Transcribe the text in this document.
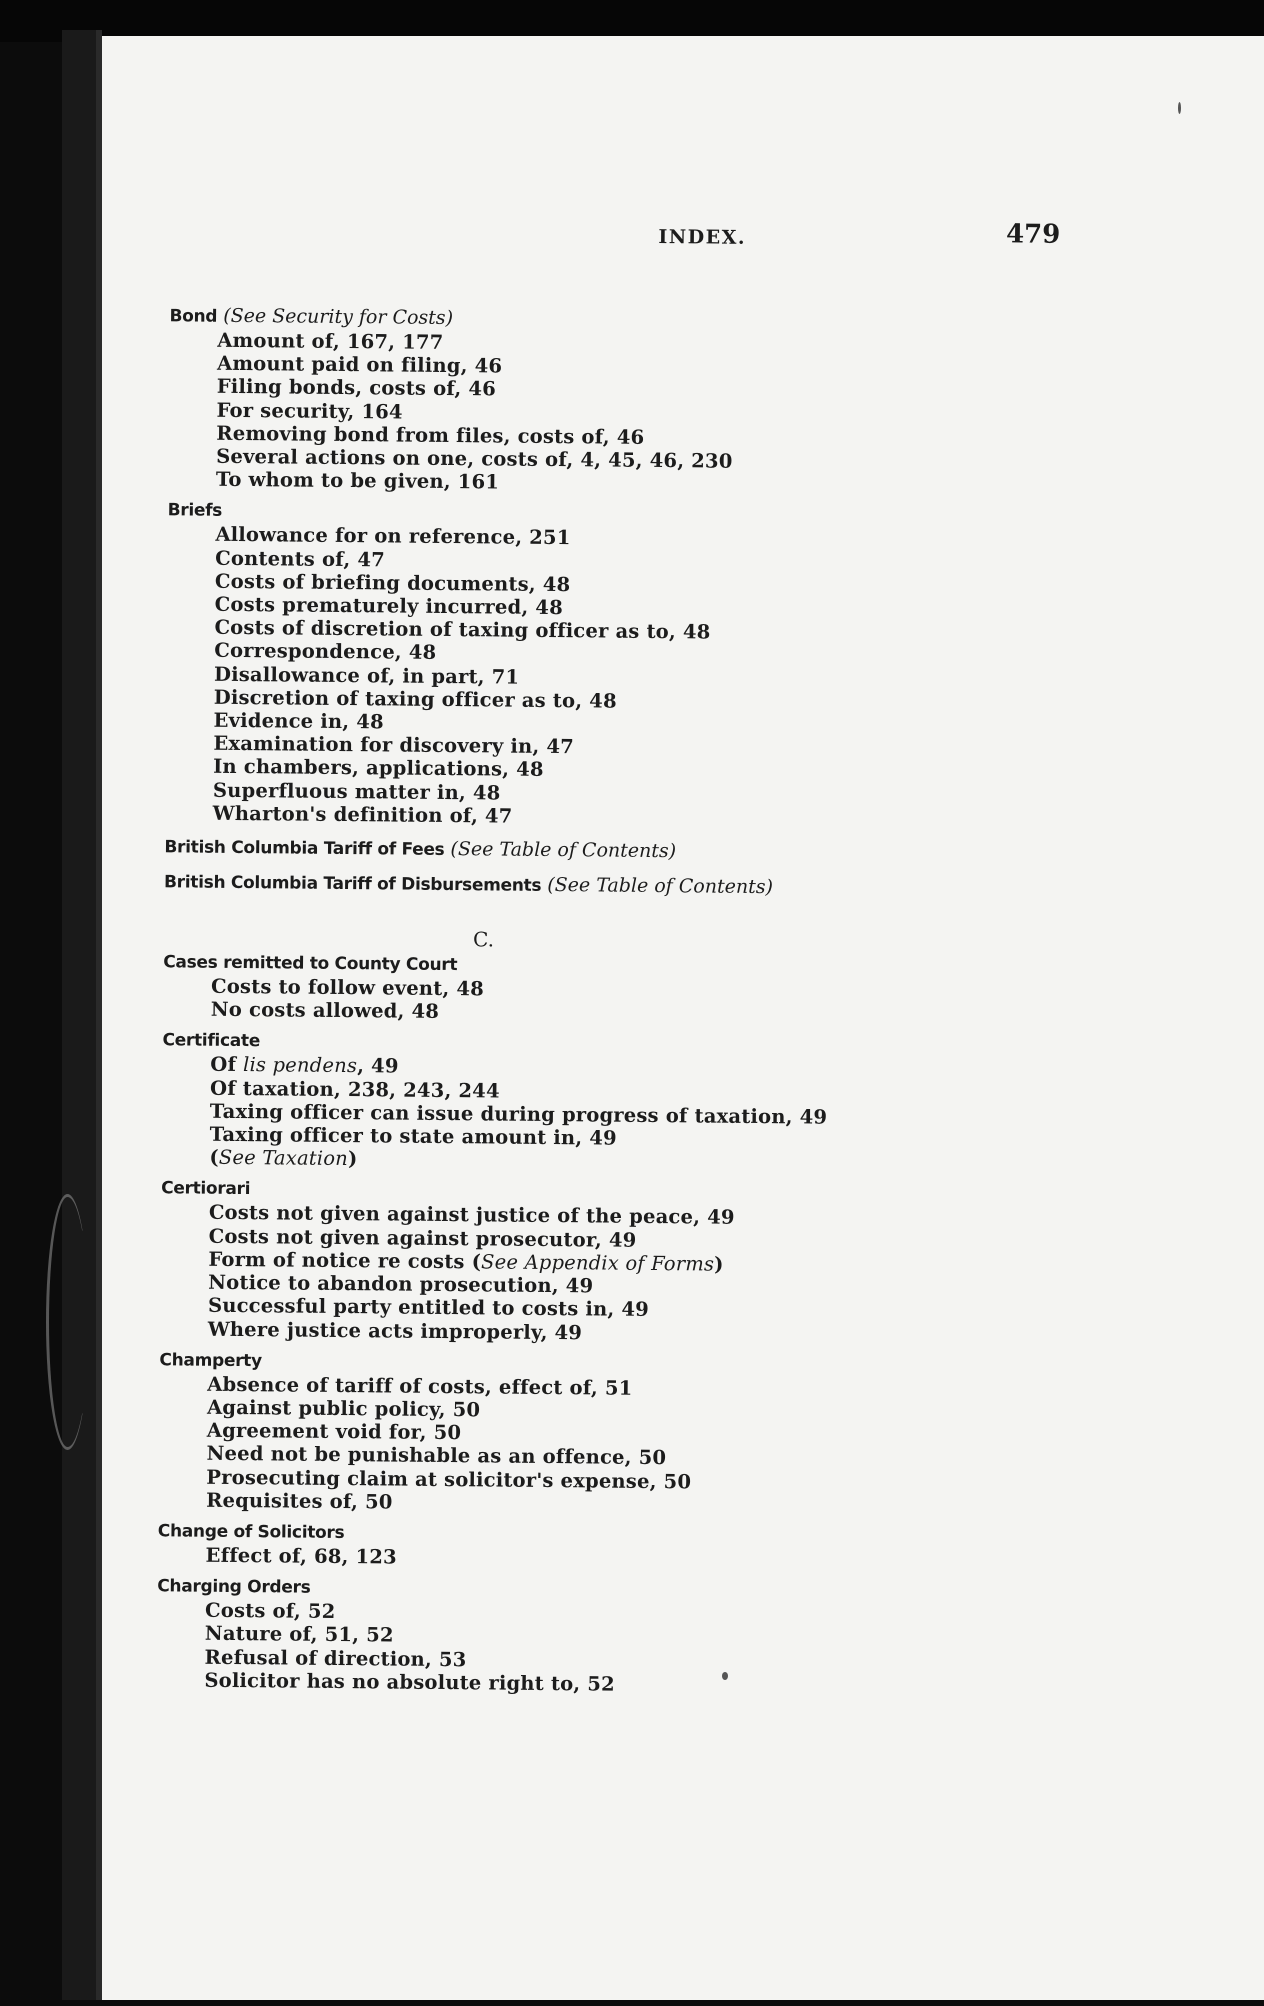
INDEX.	479
Bond (See Security for Costs)
Amount of, 167, 177
Amount paid on filing, 46
Filing bonds, costs of, 46
For security, 164
Removing bond from files, costs of, 46
Several actions on one, costs of, 4, 45, 46, 230
To whom to be given, 161
Briefs
Allowance for on reference, 251
Contents of, 47
Costs of briefing documents, 48
Costs prematurely incurred, 48
Costs of discretion of taxing officer as to, 48
Correspondence, 48
Disallowance of, in part, 71
Discretion of taxing officer as to, 48
Evidence in, 48
Examination for discovery in, 47
In chambers, applications, 48
Superfluous matter in, 48
Wharton's definition of, 47
British Columbia Tariff of Fees (See Table of Contents)
British Columbia Tariff of Disbursements (See Table of Contents)
C.
Cases remitted to County Court
Costs to follow event, 48
No costs allowed, 48
Certificate
Of lis pendens, 49
Of taxation, 238, 243, 244
Taxing officer can issue during progress of taxation, 49
Taxing officer to state amount in, 49
(See Taxation)
Certiorari
Costs not given against justice of the peace, 49
Costs not given against prosecutor, 49
Form of notice re costs (See Appendix of Forms)
Notice to abandon prosecution, 49
Successful party entitled to costs in, 49
Where justice acts improperly, 49
Champerty
Absence of tariff of costs, effect of, 51
Against public policy, 50
Agreement void for, 50
Need not be punishable as an offence, 50
Prosecuting claim at solicitor's expense, 50
Requisites of, 50
Change of Solicitors
Effect of, 68, 123
Charging Orders
Costs of, 52
Nature of, 51, 52
Refusal of direction, 53
Solicitor has no absolute right to, 52
